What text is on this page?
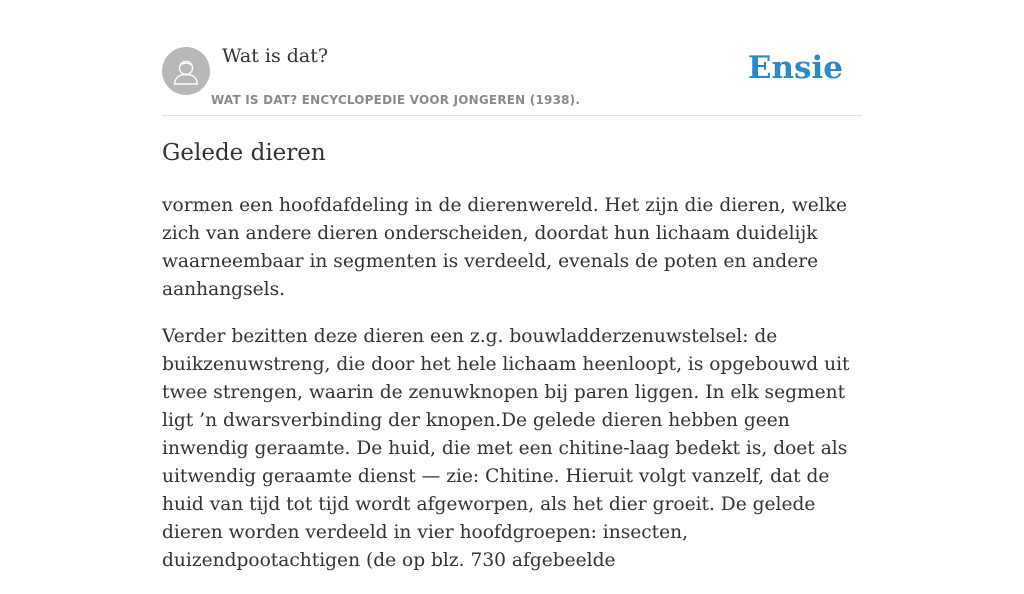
Wat is dat?
WAT IS DAT? ENCYCLOPEDIE VOOR JONGEREN (1938).
Ensie
Gelede dieren

vormen een hoofdafdeling in de dierenwereld. Het zijn die dieren, welke zich van andere dieren onderscheiden, doordat hun lichaam duidelijk waarneembaar in segmenten is verdeeld, evenals de poten en andere aanhangsels.

Verder bezitten deze dieren een z.g. bouwladderzenuwstelsel: de buikzenuwstreng, die door het hele lichaam heenloopt, is opgebouwd uit twee strengen, waarin de zenuwknopen bij paren liggen. In elk segment ligt ’n dwarsverbinding der knopen.De gelede dieren hebben geen inwendig geraamte. De huid, die met een chitine-laag bedekt is, doet als uitwendig geraamte dienst — zie: Chitine. Hieruit volgt vanzelf, dat de huid van tijd tot tijd wordt afgeworpen, als het dier groeit. De gelede dieren worden verdeeld in vier hoofdgroepen: insecten, duizendpootachtigen (de op blz. 730 afgebeelde
